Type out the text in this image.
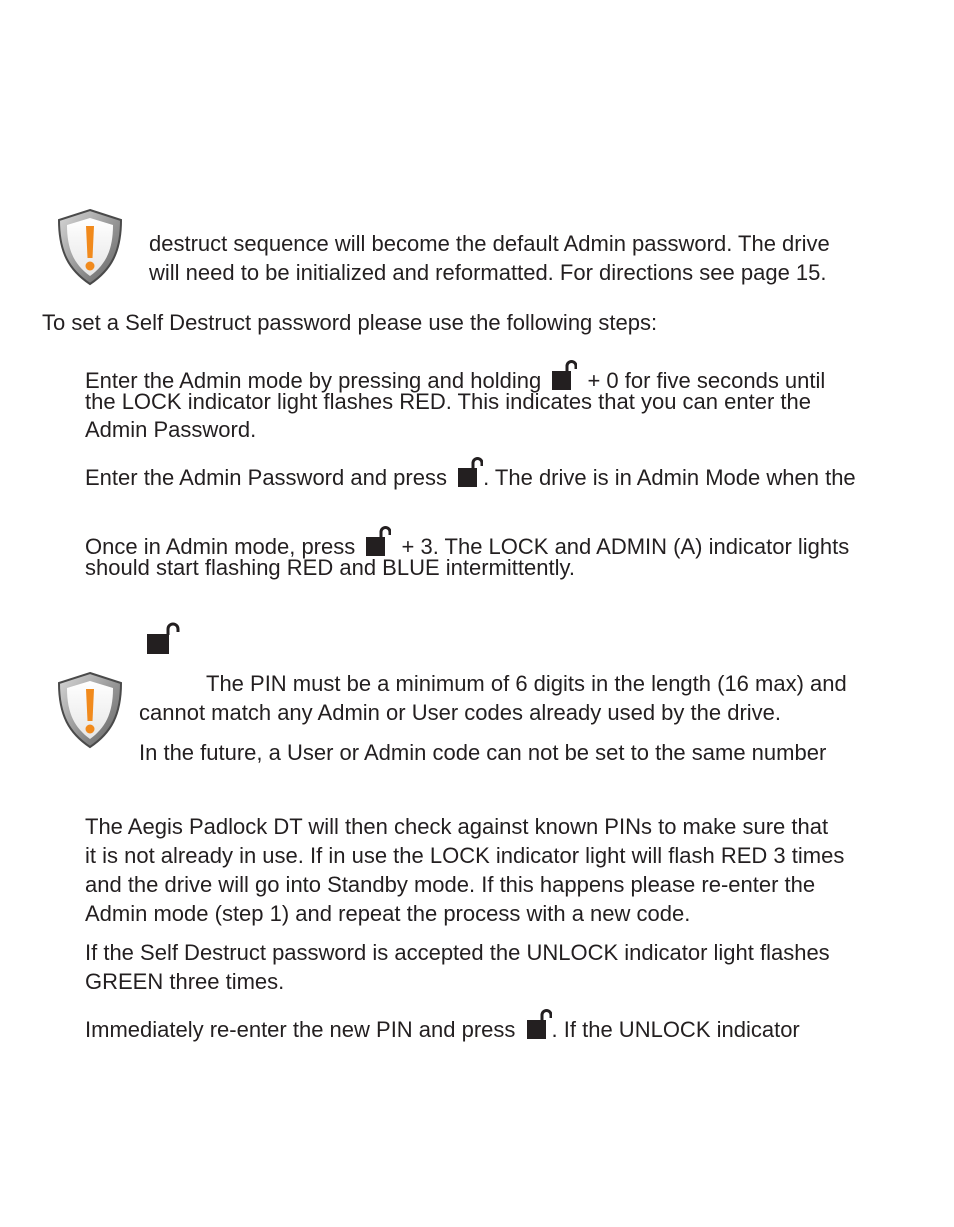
destruct sequence will become the default Admin password. The drive
will need to be initialized and reformatted. For directions see page 15.
To set a Self Destruct password please use the following steps:
Enter the Admin mode by pressing and holding + 0 for five seconds until
the LOCK indicator light flashes RED. This indicates that you can enter the
Admin Password.
Enter the Admin Password and press . The drive is in Admin Mode when the
Once in Admin mode, press + 3. The LOCK and ADMIN (A) indicator lights
should start flashing RED and BLUE intermittently.
The PIN must be a minimum of 6 digits in the length (16 max) and
cannot match any Admin or User codes already used by the drive.
In the future, a User or Admin code can not be set to the same number
The Aegis Padlock DT will then check against known PINs to make sure that
it is not already in use. If in use the LOCK indicator light will flash RED 3 times
and the drive will go into Standby mode. If this happens please re-enter the
Admin mode (step 1) and repeat the process with a new code.
If the Self Destruct password is accepted the UNLOCK indicator light flashes
GREEN three times.
Immediately re-enter the new PIN and press . If the UNLOCK indicator
